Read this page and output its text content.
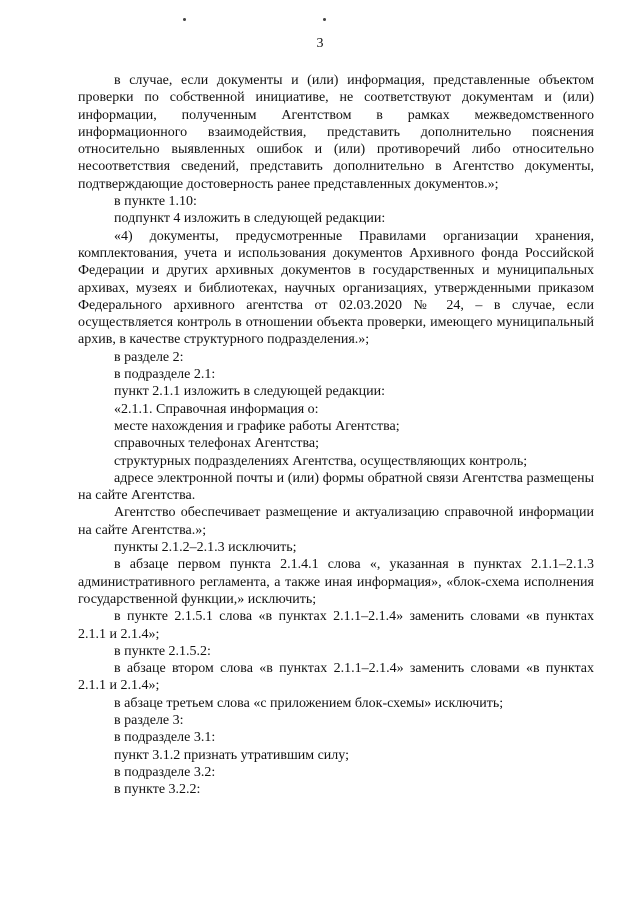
3

в случае, если документы и (или) информация, представленные объектом проверки по собственной инициативе, не соответствуют документам и (или) информации, полученным Агентством в рамках межведомственного информационного взаимодействия, представить дополнительно пояснения относительно выявленных ошибок и (или) противоречий либо относительно несоответствия сведений, представить дополнительно в Агентство документы, подтверждающие достоверность ранее представленных документов.»;

в пункте 1.10:

подпункт 4 изложить в следующей редакции:

«4) документы, предусмотренные Правилами организации хранения, комплектования, учета и использования документов Архивного фонда Российской Федерации и других архивных документов в государственных и муниципальных архивах, музеях и библиотеках, научных организациях, утвержденными приказом Федерального архивного агентства от 02.03.2020 № 24, – в случае, если осуществляется контроль в отношении объекта проверки, имеющего муниципальный архив, в качестве структурного подразделения.»;

в разделе 2:

в подразделе 2.1:

пункт 2.1.1 изложить в следующей редакции:

«2.1.1. Справочная информация о:

месте нахождения и графике работы Агентства;

справочных телефонах Агентства;

структурных подразделениях Агентства, осуществляющих контроль;

адресе электронной почты и (или) формы обратной связи Агентства размещены на сайте Агентства.

Агентство обеспечивает размещение и актуализацию справочной информации на сайте Агентства.»;

пункты 2.1.2–2.1.3 исключить;

в абзаце первом пункта 2.1.4.1 слова «, указанная в пунктах 2.1.1–2.1.3 административного регламента, а также иная информация», «блок-схема исполнения государственной функции,» исключить;

в пункте 2.1.5.1 слова «в пунктах 2.1.1–2.1.4» заменить словами «в пунктах 2.1.1 и 2.1.4»;

в пункте 2.1.5.2:

в абзаце втором слова «в пунктах 2.1.1–2.1.4» заменить словами «в пунктах 2.1.1 и 2.1.4»;

в абзаце третьем слова «с приложением блок-схемы» исключить;

в разделе 3:

в подразделе 3.1:

пункт 3.1.2 признать утратившим силу;

в подразделе 3.2:

в пункте 3.2.2:
